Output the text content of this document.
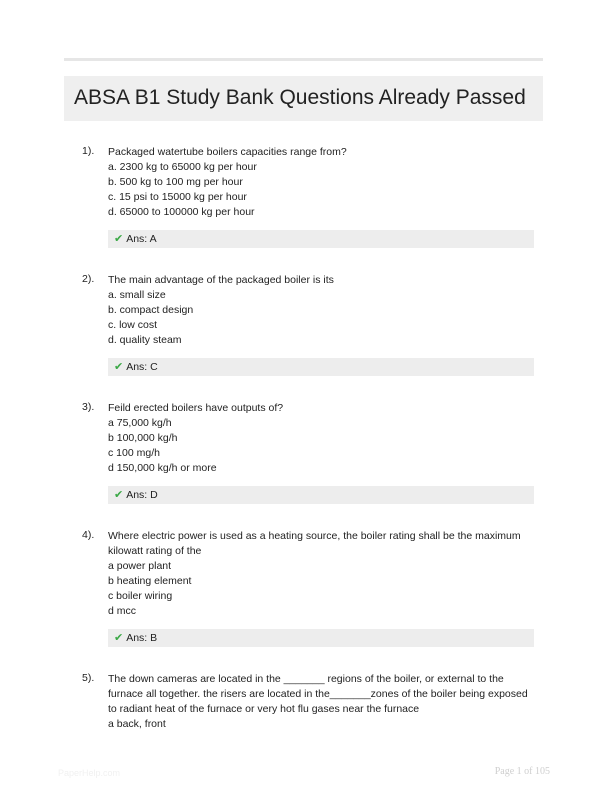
ABSA B1 Study Bank Questions Already Passed
1). Packaged watertube boilers capacities range from?
a. 2300 kg to 65000 kg per hour
b. 500 kg to 100 mg per hour
c. 15 psi to 15000 kg per hour
d. 65000 to 100000 kg per hour
✔ Ans: A
2). The main advantage of the packaged boiler is its
a. small size
b. compact design
c. low cost
d. quality steam
✔ Ans: C
3). Feild erected boilers have outputs of?
a 75,000 kg/h
b 100,000 kg/h
c 100 mg/h
d 150,000 kg/h or more
✔ Ans: D
4). Where electric power is used as a heating source, the boiler rating shall be the maximum
kilowatt rating of the
a power plant
b heating element
c boiler wiring
d mcc
✔ Ans: B
5). The down cameras are located in the _______ regions of the boiler, or external to the
furnace all together. the risers are located in the_______zones of the boiler being exposed
to radiant heat of the furnace or very hot flu gases near the furnace
a back, front
PaperHelp.com	Page 1 of 105
